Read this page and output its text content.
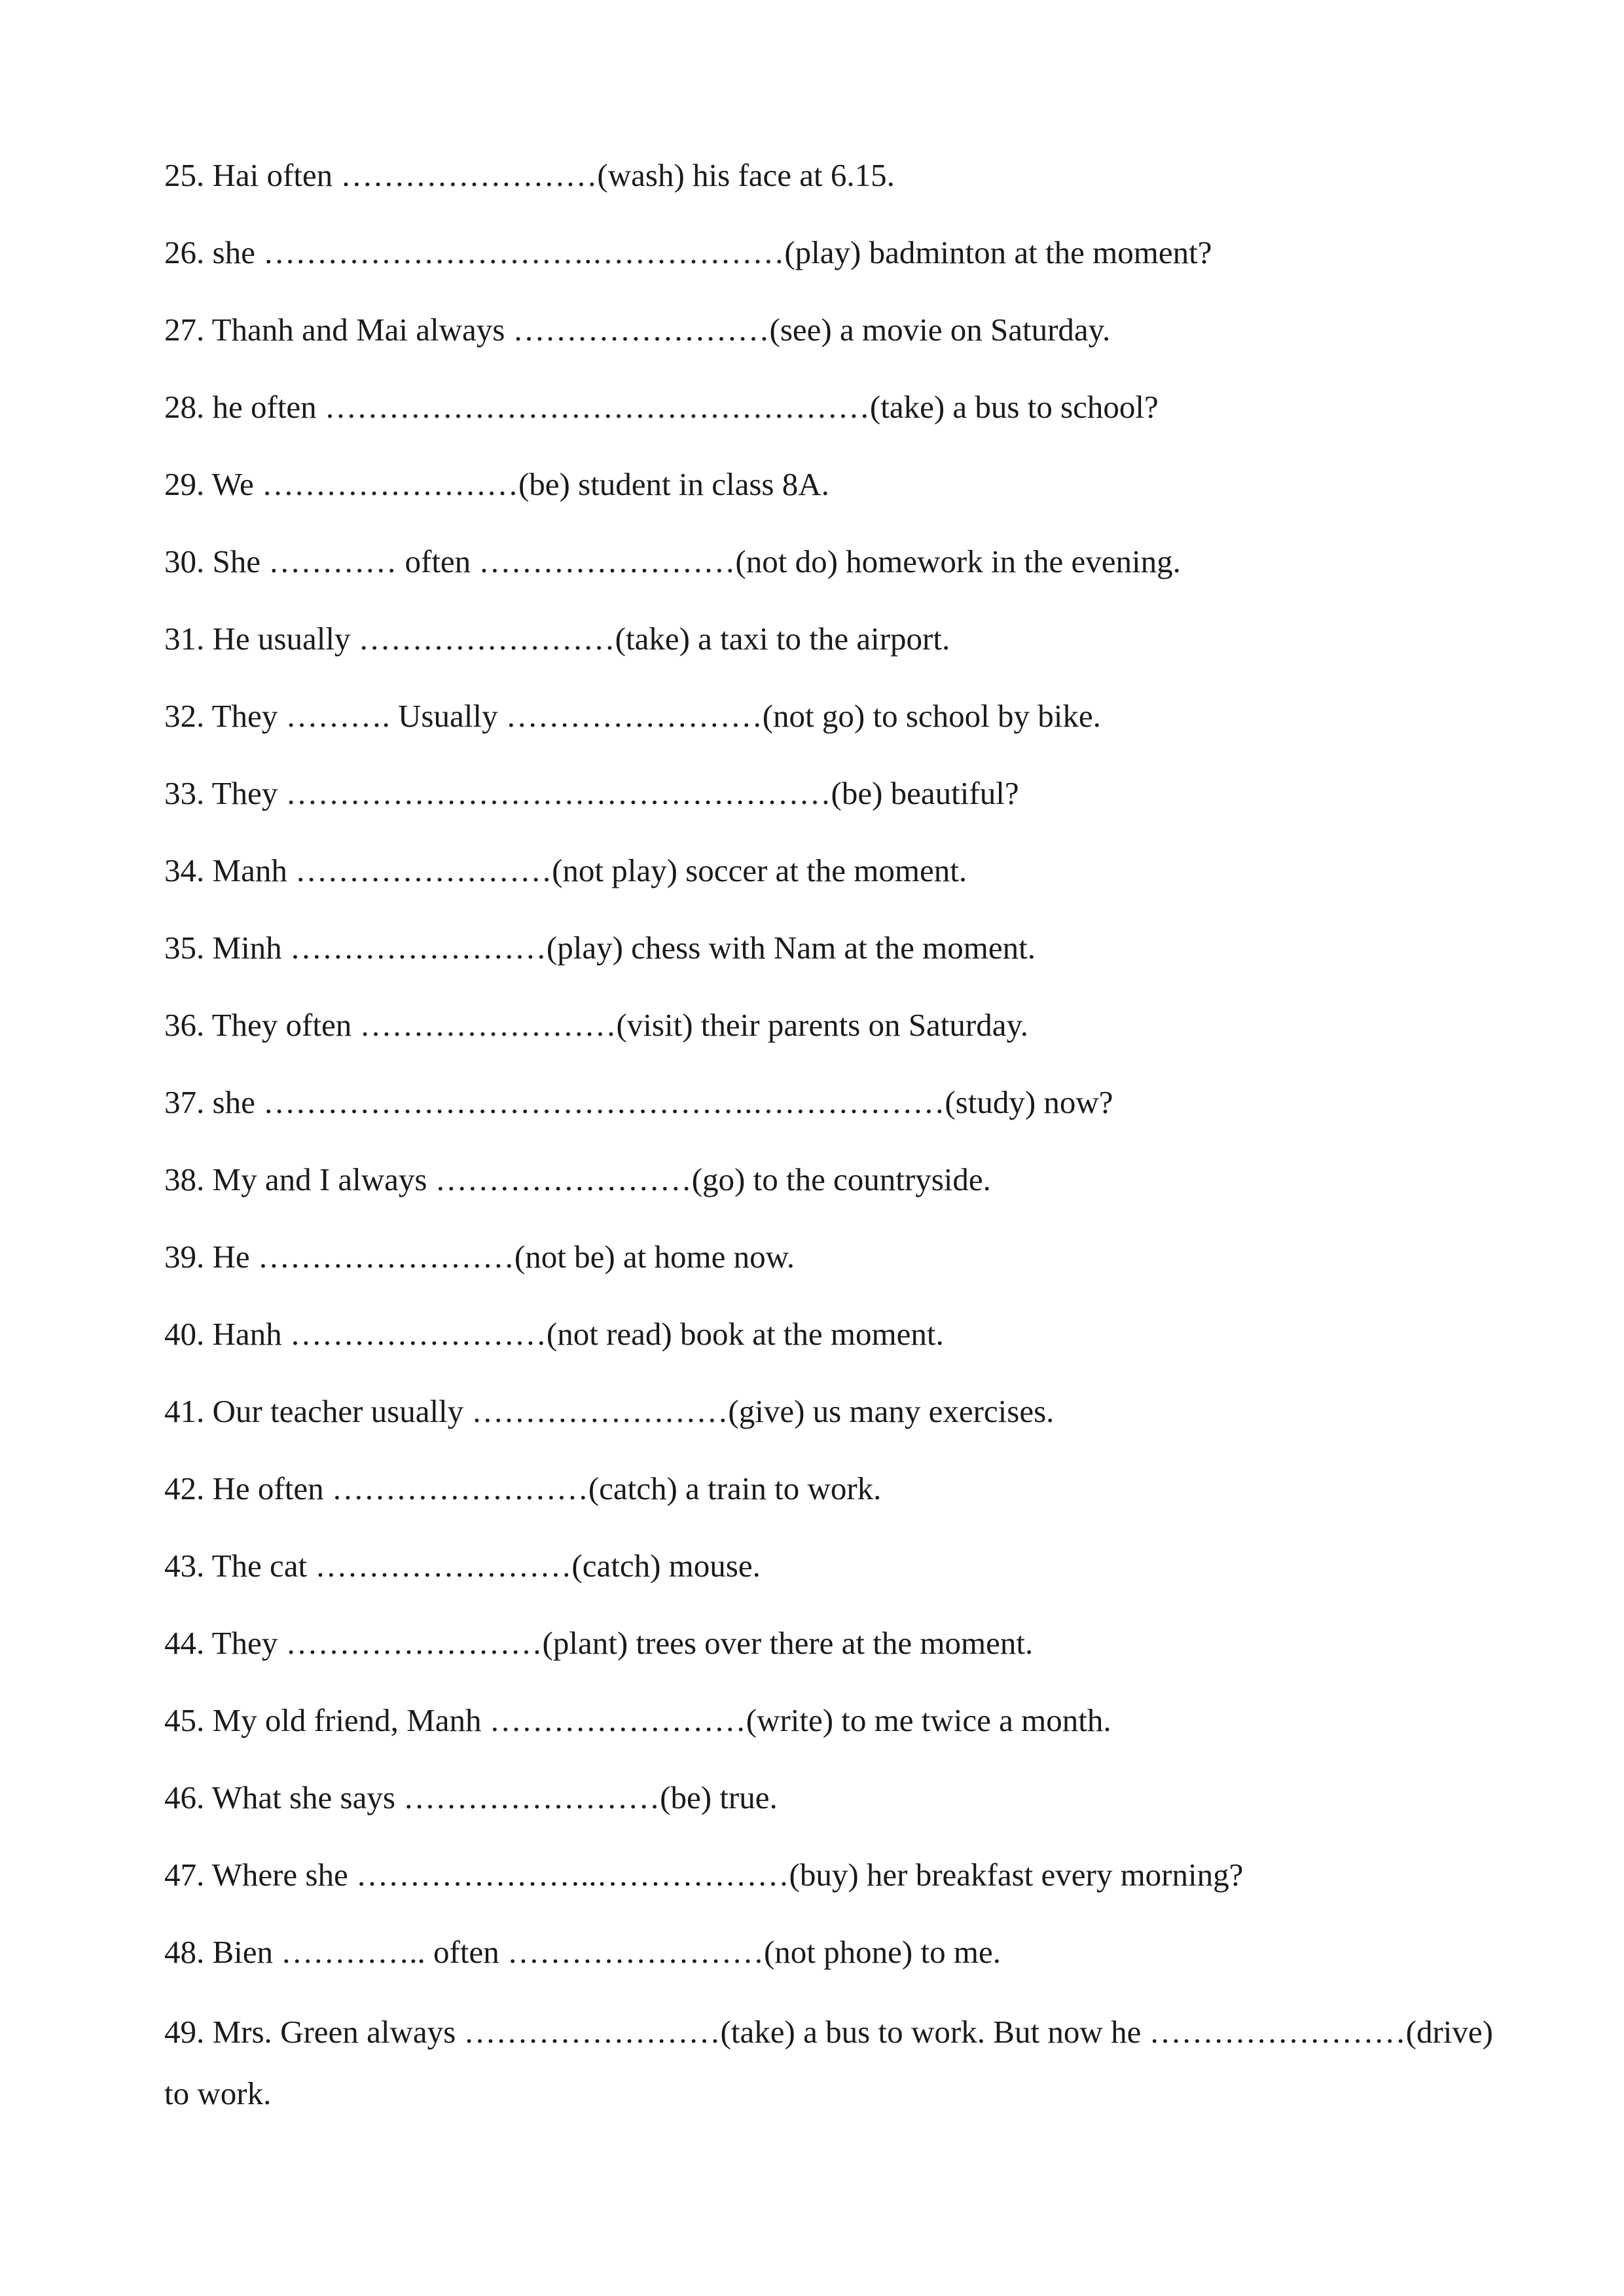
25. Hai often ……………………(wash) his face at 6.15.
26. she ………………………….………………(play) badminton at the moment?
27. Thanh and Mai always ……………………(see) a movie on Saturday.
28. he often ……………………………………………(take) a bus to school?
29. We ……………………(be) student in class 8A.
30. She ………… often ……………………(not do) homework in the evening.
31. He usually ……………………(take) a taxi to the airport.
32. They ………. Usually ……………………(not go) to school by bike.
33. They ……………………………………………(be) beautiful?
34. Manh ……………………(not play) soccer at the moment.
35. Minh ……………………(play) chess with Nam at the moment.
36. They often ……………………(visit) their parents on Saturday.
37. she ……………………………………….………………(study) now?
38. My and I always ……………………(go) to the countryside.
39. He ……………………(not be) at home now.
40. Hanh ……………………(not read) book at the moment.
41. Our teacher usually ……………………(give) us many exercises.
42. He often ……………………(catch) a train to work.
43. The cat ……………………(catch) mouse.
44. They ……………………(plant) trees over there at the moment.
45. My old friend, Manh ……………………(write) to me twice a month.
46. What she says ……………………(be) true.
47. Where she …………………..………………(buy) her breakfast every morning?
48. Bien ………….. often ……………………(not phone) to me.
49. Mrs. Green always ……………………(take) a bus to work. But now he ……………………(drive) to work.
